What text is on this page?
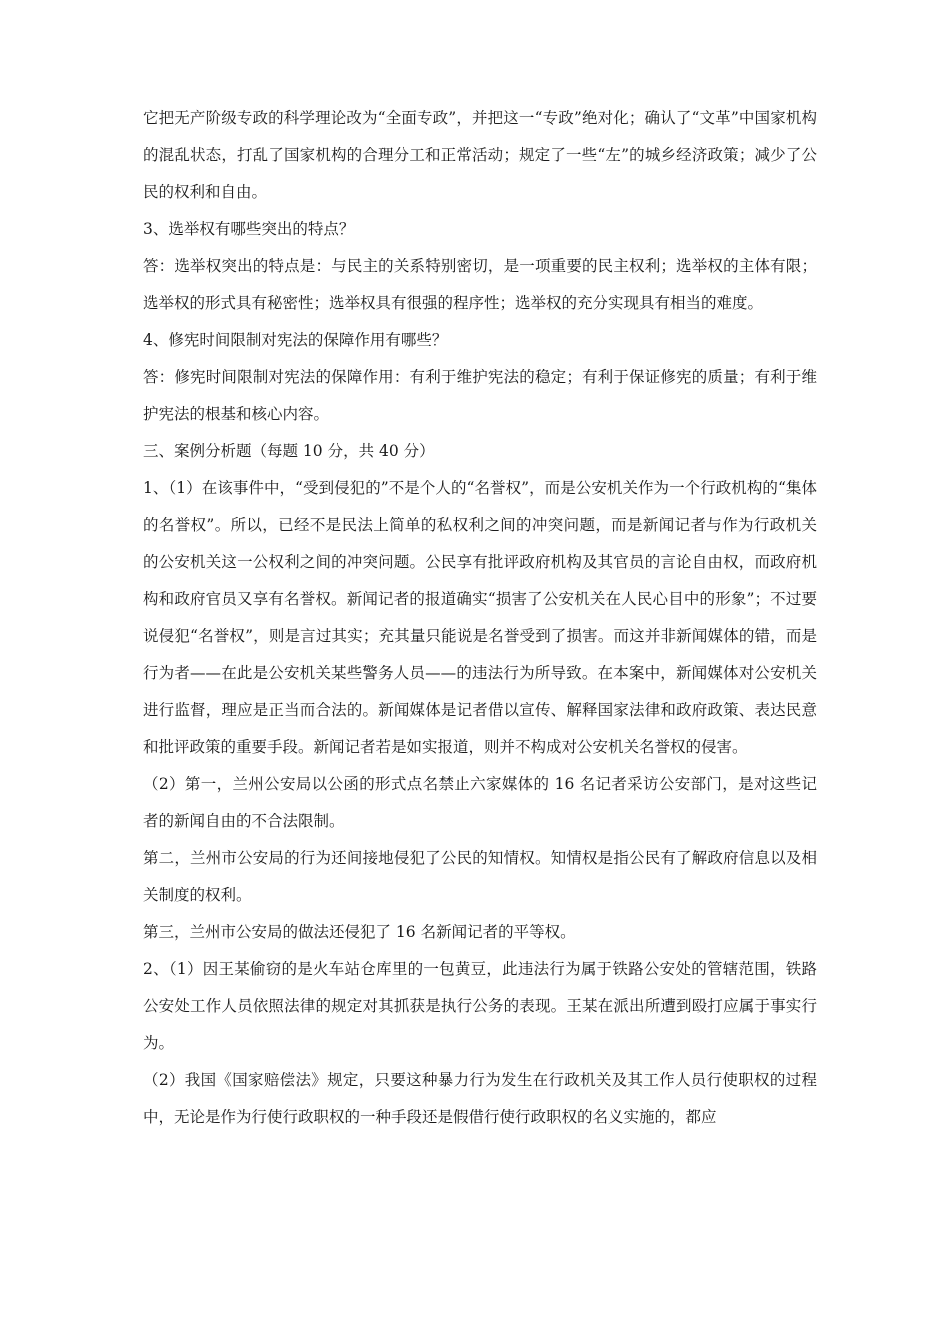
它把无产阶级专政的科学理论改为“全面专政”，并把这一“专政”绝对化；确认了“文革”中国家机构的混乱状态，打乱了国家机构的合理分工和正常活动；规定了一些“左”的城乡经济政策；减少了公民的权利和自由。

3、选举权有哪些突出的特点？

答：选举权突出的特点是：与民主的关系特别密切，是一项重要的民主权利；选举权的主体有限；选举权的形式具有秘密性；选举权具有很强的程序性；选举权的充分实现具有相当的难度。

4、修宪时间限制对宪法的保障作用有哪些？

答：修宪时间限制对宪法的保障作用：有利于维护宪法的稳定；有利于保证修宪的质量；有利于维护宪法的根基和核心内容。

三、案例分析题（每题 10 分，共 40 分）

1、（1）在该事件中，“受到侵犯的”不是个人的“名誉权”，而是公安机关作为一个行政机构的“集体的名誉权”。所以，已经不是民法上简单的私权利之间的冲突问题，而是新闻记者与作为行政机关的公安机关这一公权利之间的冲突问题。公民享有批评政府机构及其官员的言论自由权，而政府机构和政府官员又享有名誉权。新闻记者的报道确实“损害了公安机关在人民心目中的形象”；不过要说侵犯“名誉权”，则是言过其实；充其量只能说是名誉受到了损害。而这并非新闻媒体的错，而是行为者——在此是公安机关某些警务人员——的违法行为所导致。在本案中，新闻媒体对公安机关进行监督，理应是正当而合法的。新闻媒体是记者借以宣传、解释国家法律和政府政策、表达民意和批评政策的重要手段。新闻记者若是如实报道，则并不构成对公安机关名誉权的侵害。

（2）第一，兰州公安局以公函的形式点名禁止六家媒体的 16 名记者采访公安部门，是对这些记者的新闻自由的不合法限制。

第二，兰州市公安局的行为还间接地侵犯了公民的知情权。知情权是指公民有了解政府信息以及相关制度的权利。

第三，兰州市公安局的做法还侵犯了 16 名新闻记者的平等权。

2、（1）因王某偷窃的是火车站仓库里的一包黄豆，此违法行为属于铁路公安处的管辖范围，铁路公安处工作人员依照法律的规定对其抓获是执行公务的表现。王某在派出所遭到殴打应属于事实行为。

（2）我国《国家赔偿法》规定，只要这种暴力行为发生在行政机关及其工作人员行使职权的过程中，无论是作为行使行政职权的一种手段还是假借行使行政职权的名义实施的，都应
